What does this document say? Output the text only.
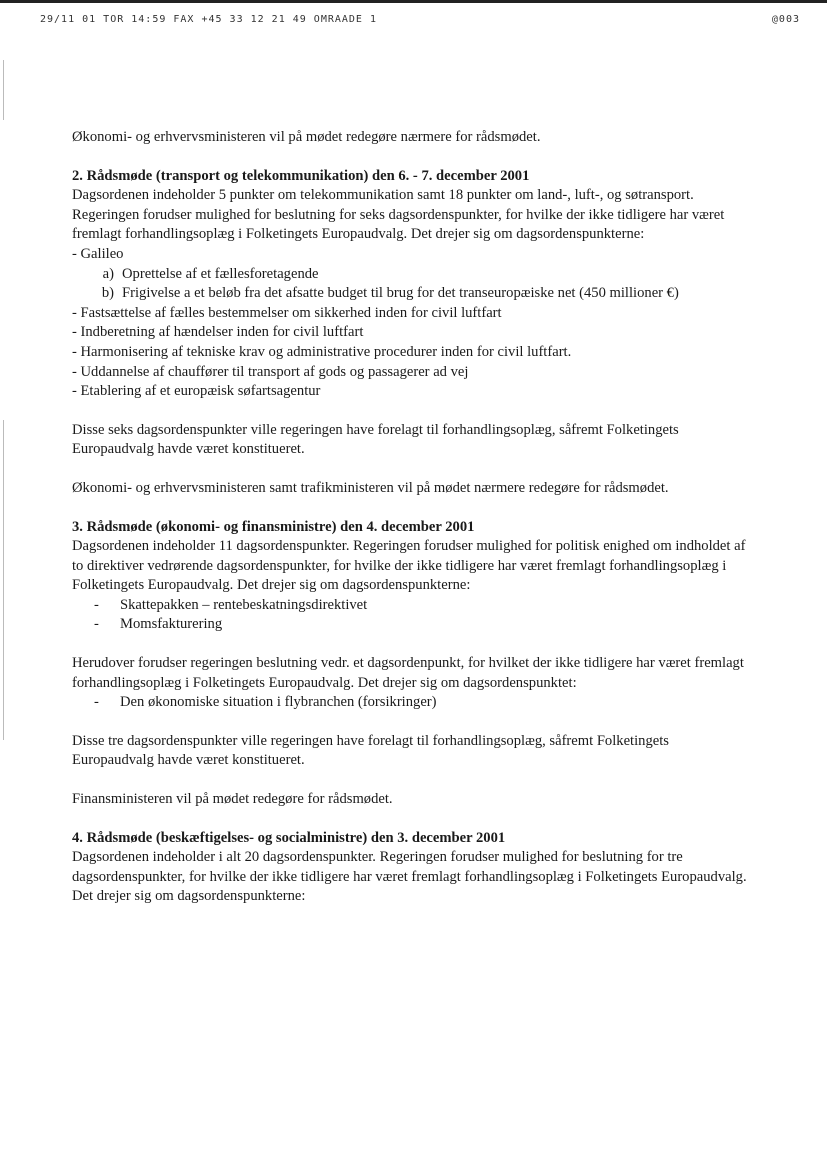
29/11 01 TOR 14:59 FAX +45 33 12 21 49 OMRAADE 1	@003

Økonomi- og erhvervsministeren vil på mødet redegøre nærmere for rådsmødet.

2. Rådsmøde (transport og telekommunikation) den 6. - 7. december 2001

Dagsordenen indeholder 5 punkter om telekommunikation samt 18 punkter om land-, luft-, og søtransport. Regeringen forudser mulighed for beslutning for seks dagsordenspunkter, for hvilke der ikke tidligere har været fremlagt forhandlingsoplæg i Folketingets Europaudvalg. Det drejer sig om dagsordenspunkterne:

- Galileo

a) Oprettelse af et fællesforetagende
b) Frigivelse a et beløb fra det afsatte budget til brug for det transeuropæiske net (450 millioner €)

- Fastsættelse af fælles bestemmelser om sikkerhed inden for civil luftfart

- Indberetning af hændelser inden for civil luftfart

- Harmonisering af tekniske krav og administrative procedurer inden for civil luftfart.

- Uddannelse af chauffører til transport af gods og passagerer ad vej

- Etablering af et europæisk søfartsagentur

Disse seks dagsordenspunkter ville regeringen have forelagt til forhandlingsoplæg, såfremt Folketingets Europaudvalg havde været konstitueret.

Økonomi- og erhvervsministeren samt trafikministeren vil på mødet nærmere redegøre for rådsmødet.

3. Rådsmøde (økonomi- og finansministre) den 4. december 2001

Dagsordenen indeholder 11 dagsordenspunkter. Regeringen forudser mulighed for politisk enighed om indholdet af to direktiver vedrørende dagsordenspunkter, for hvilke der ikke tidligere har været fremlagt forhandlingsoplæg i Folketingets Europaudvalg. Det drejer sig om dagsordenspunkterne:

-	Skattepakken – rentebeskatningsdirektivet
-	Momsfakturering

Herudover forudser regeringen beslutning vedr. et dagsordenpunkt, for hvilket der ikke tidligere har været fremlagt forhandlingsoplæg i Folketingets Europaudvalg. Det drejer sig om dagsordenspunktet:

-	Den økonomiske situation i flybranchen (forsikringer)

Disse tre dagsordenspunkter ville regeringen have forelagt til forhandlingsoplæg, såfremt Folketingets Europaudvalg havde været konstitueret.

Finansministeren vil på mødet redegøre for rådsmødet.

4. Rådsmøde (beskæftigelses- og socialministre) den 3. december 2001

Dagsordenen indeholder i alt 20 dagsordenspunkter. Regeringen forudser mulighed for beslutning for tre dagsordenspunkter, for hvilke der ikke tidligere har været fremlagt forhandlingsoplæg i Folketingets Europaudvalg. Det drejer sig om dagsordenspunkterne:
